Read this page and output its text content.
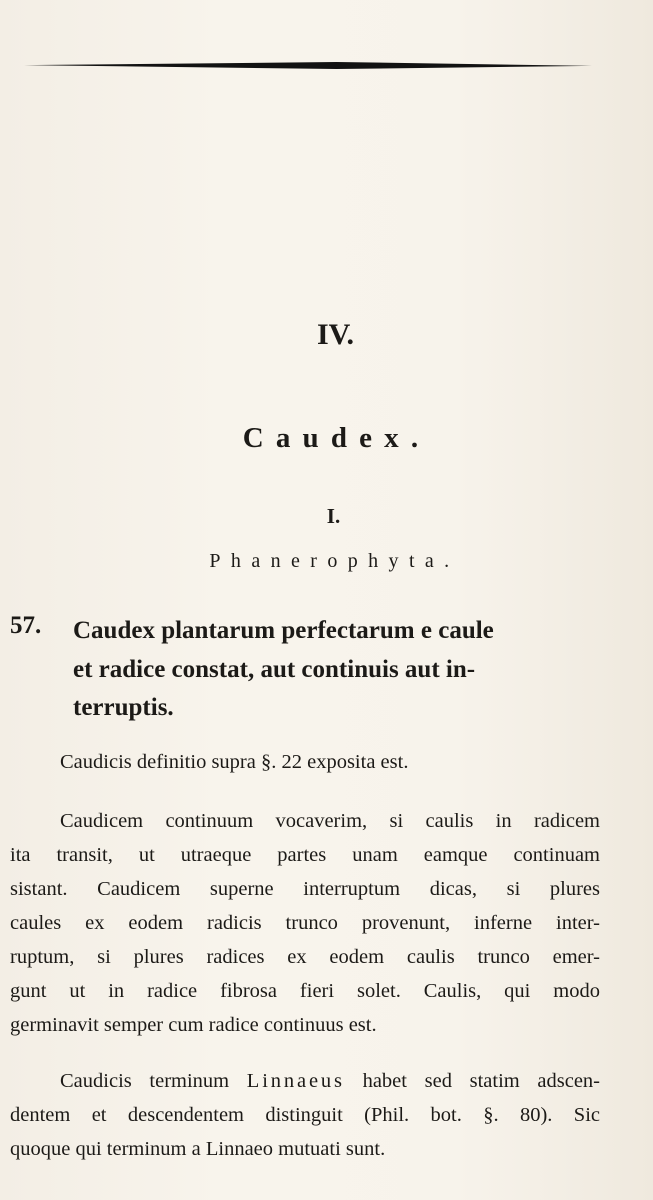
IV.
Caudex.
I.
Phanerophyta.
57. Caudex plantarum perfectarum e caule
et radice constat, aut continuis aut in-
terruptis.
Caudicis definitio supra §. 22 exposita est.
Caudicem continuum vocaverim, si caulis in radicem
ita transit, ut utraeque partes unam eamque continuam
sistant. Caudicem superne interruptum dicas, si plures
caules ex eodem radicis trunco provenunt, inferne inter-
ruptum, si plures radices ex eodem caulis trunco emer-
gunt ut in radice fibrosa fieri solet. Caulis, qui modo
germinavit semper cum radice continuus est.
Caudicis terminum Linnaeus habet sed statim adscen-
dentem et descendentem distinguit (Phil. bot. §. 80). Sic
quoque qui terminum a Linnaeo mutuati sunt.
